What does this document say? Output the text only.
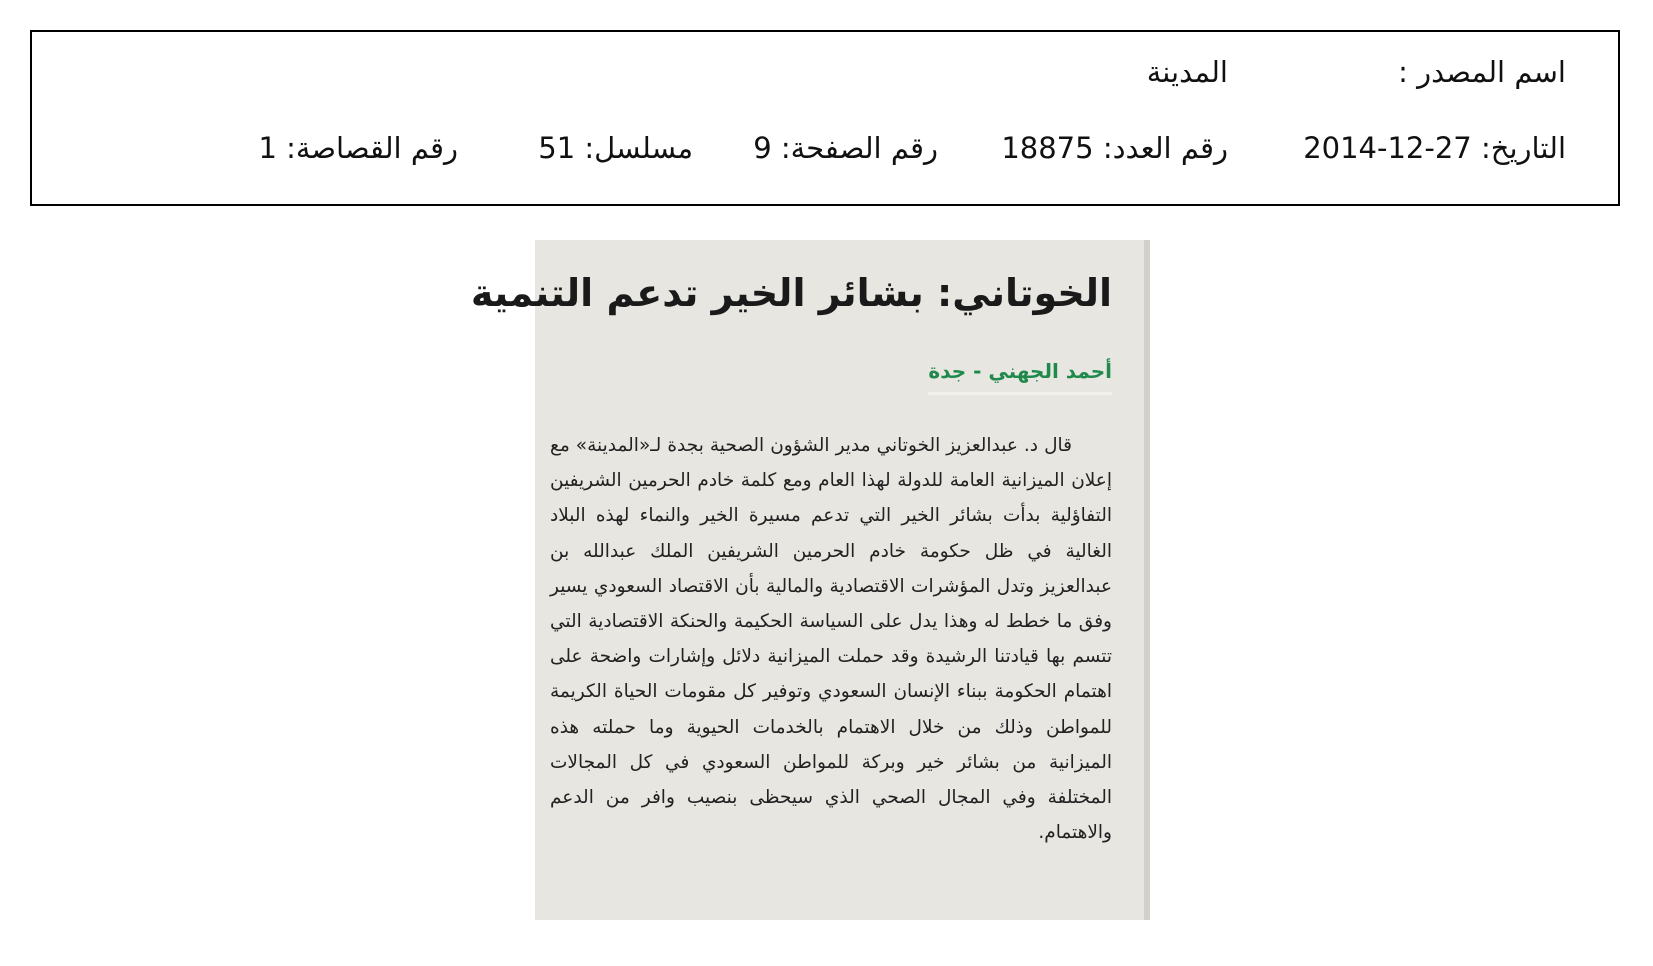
اسم المصدر :
المدينة
التاريخ: 2014-12-27
رقم العدد: 18875
رقم الصفحة: 9
مسلسل: 51
رقم القصاصة: 1
الخوتاني: بشائر الخير تدعم التنمية
أحمد الجهني - جدة
قال د. عبدالعزيز الخوتاني مدير الشؤون الصحية بجدة لـ«المدينة» مع إعلان الميزانية العامة للدولة لهذا العام ومع كلمة خادم الحرمين الشريفين التفاؤلية بدأت بشائر الخير التي تدعم مسيرة الخير والنماء لهذه البلاد الغالية في ظل حكومة خادم الحرمين الشريفين الملك عبدالله بن عبدالعزيز وتدل المؤشرات الاقتصادية والمالية بأن الاقتصاد السعودي يسير وفق ما خطط له وهذا يدل على السياسة الحكيمة والحنكة الاقتصادية التي تتسم بها قيادتنا الرشيدة وقد حملت الميزانية دلائل وإشارات واضحة على اهتمام الحكومة ببناء الإنسان السعودي وتوفير كل مقومات الحياة الكريمة للمواطن وذلك من خلال الاهتمام بالخدمات الحيوية وما حملته هذه الميزانية من بشائر خير وبركة للمواطن السعودي في كل المجالات المختلفة وفي المجال الصحي الذي سيحظى بنصيب وافر من الدعم والاهتمام.
